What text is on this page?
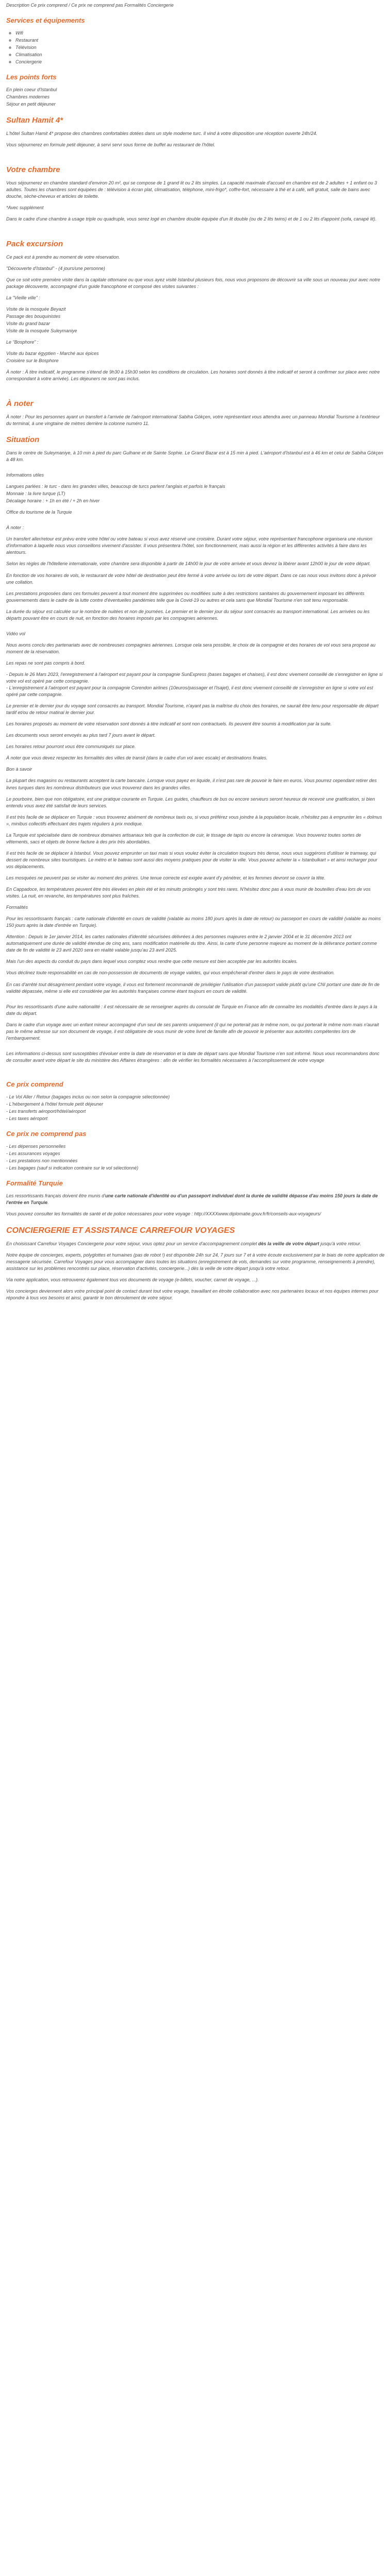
Description Ce prix comprend / Ce prix ne comprend pas Formalités Conciergerie

Services et équipements
◦ Wifi
◦ Restaurant
◦ Télévision
◦ Climatisation
◦ Conciergerie
Les points forts

En plein coeur d'Istanbul

Chambres modernes

Séjour en petit déjeuner

Sultan Hamit 4*

L'hôtel Sultan Hamit 4* propose des chambres confortables dotées dans un style moderne turc. Il vind à votre disposition une réception ouverte 24h/24.

Vous séjournerez en formule petit déjeuner, à servi servi sous forme de buffet au restaurant de l'hôtel.

Votre chambre

Vous séjournerez en chambre standard d'environ 20 m², qui se compose de 1 grand lit ou 2 lits simples. La capacité maximale d'accueil en chambre est de 2 adultes + 1 enfant ou 3 adultes. Toutes les chambres sont équipées de : télévision à écran plat, climatisation, téléphone, mini-frigo*, coffre-fort, nécessaire à thé et à café, wifi gratuit, salle de bains avec douche, sèche-cheveux et articles de toilette.

*Avec supplément

Dans le cadre d'une chambre à usage triple ou quadruple, vous serez logé en chambre double équipée d'un lit double (ou de 2 lits twins) et de 1 ou 2 lits d'appoint (sofa, canapé lit).

Pack excursion

Ce pack est à prendre au moment de votre réservation.

"Découverte d'Istanbul" - (4 jours/une personne)

Que ce soit votre première visite dans la capitale ottomane ou que vous ayez visité Istanbul plusieurs fois, nous vous proposons de découvrir sa ville sous un nouveau jour avec notre package découverte, accompagné d'un guide francophone et composé des visites suivantes :

La "Vieille ville" :

Visite de la mosquée Beyazit

Passage des bouquinistes

Visite du grand bazar

Visite de la mosquée Suleymaniye

Le "Bosphore" :

Visite du bazar égyptien - Marché aux épices

Croisière sur le Bosphore

À noter : À titre indicatif, le programme s'étend de 9h30 à 15h30 selon les conditions de circulation. Les horaires sont donnés à titre indicatif et seront à confirmer sur place avec notre correspondant à votre arrivée). Les déjeuners ne sont pas inclus.

À noter

À noter : Pour les personnes ayant un transfert à l'arrivée de l'aéroport international Sabiha Gökçen, votre représentant vous attendra avec un panneau Mondial Tourisme à l'extérieur du terminal, à une vingtaine de mètres derrière la colonne numéro 11.

Situation

Dans le centre de Suleymaniye, à 10 min à pied du parc Gulhane et de Sainte Sophie. Le Grand Bazar est à 15 min à pied. L'aéroport d'Istanbul est à 46 km et celui de Sabiha Gökçen à 48 km.

Informations utiles

Langues parlées : le turc - dans les grandes villes, beaucoup de turcs parlent l'anglais et parfois le français

Monnaie : la livre turque (LT)

Décalage horaire : + 1h en été / + 2h en hiver

Office du tourisme de la Turquie

À noter :

Un transfert aller/retour est prévu entre votre hôtel ou votre bateau si vous avez réservé une croisière. Durant votre séjour, votre représentant francophone organisera une réunion d'information à laquelle nous vous conseillons vivement d'assister. Il vous présentera l'hôtel, son fonctionnement, mais aussi la région et les différentes activités à faire dans les alentours.

Selon les règles de l'hôtellerie internationale, votre chambre sera disponible à partir de 14h00 le jour de votre arrivée et vous devrez la libérer avant 12h00 le jour de votre départ.

En fonction de vos horaires de vols, le restaurant de votre hôtel de destination peut être fermé à votre arrivée ou lors de votre départ. Dans ce cas nous vous invitons donc à prévoir une collation.

Les prestations proposées dans ces formules peuvent à tout moment être supprimées ou modifiées suite à des restrictions sanitaires du gouvernement imposant les différents gouvernements dans le cadre de la lutte contre d'éventuelles pandémies telle que la Covid-19 ou autres et cela sans que Mondial Tourisme n'en soit tenu responsable.

La durée du séjour est calculée sur le nombre de nuitées et non de journées. Le premier et le dernier jour du séjour sont consacrés au transport international. Les arrivées ou les départs pouvant être en cours de nuit, en fonction des horaires imposés par les compagnies aériennes.

Vidéo vol

Nous avons conclu des partenariats avec de nombreuses compagnies aériennes. Lorsque cela sera possible, le choix de la compagnie et des horaires de vol vous sera proposé au moment de la réservation.

Les repas ne sont pas compris à bord.

- Depuis le 26 Mars 2023, l'enregistrement à l'aéroport est payant pour la compagnie SunExpress (bases bagages et chaises), il est donc vivement conseillé de s'enregistrer en ligne si votre vol est opéré par cette compagnie.
- L'enregistrement à l'aéroport est payant pour la compagnie Corendon airlines (10euros/passager et l'Isajet), il est donc vivement conseillé de s'enregistrer en ligne si votre vol est opéré par cette compagnie.

Le premier et le dernier jour du voyage sont consacrés au transport. Mondial Tourisme, n'ayant pas la maîtrise du choix des horaires, ne saurait être tenu pour responsable de départ tardif et/ou de retour matinal le dernier jour.

Les horaires proposés au moment de votre réservation sont donnés à titre indicatif et sont non contractuels. Ils peuvent être soumis à modification par la suite.

Les documents vous seront envoyés au plus tard 7 jours avant le départ.

Les horaires retour pourront vous être communiqués sur place.

À noter que vous devez respecter les formalités des villes de transit (dans le cadre d'un vol avec escale) et destinations finales.

Bon à savoir

La plupart des magasins ou restaurants acceptent la carte bancaire. Lorsque vous payez en liquide, il n'est pas rare de pouvoir le faire en euros. Vous pourrez cependant retirer des livres turques dans les nombreux distributeurs que vous trouverez dans les grandes villes.

Le pourboire, bien que non obligatoire, est une pratique courante en Turquie. Les guides, chauffeurs de bus ou encore serveurs seront heureux de recevoir une gratification, si bien entendu vous avez été satisfait de leurs services.

Il est très facile de se déplacer en Turquie : vous trouverez aisément de nombreux taxis ou, si vous préférez vous joindre à la population locale, n'hésitez pas à emprunter les « dolmus », minibus collectifs effectuant des trajets réguliers à prix modique.

La Turquie est spécialisée dans de nombreux domaines artisanaux tels que la confection de cuir, le tissage de tapis ou encore la céramique. Vous trouverez toutes sortes de vêtements, sacs et objets de bonne facture à des prix très abordables.

Il est très facile de se déplacer à Istanbul. Vous pouvez emprunter un taxi mais si vous voulez éviter la circulation toujours très dense, nous vous suggérons d'utiliser le tramway, qui dessert de nombreux sites touristiques. Le métro et le bateau sont aussi des moyens pratiques pour de visiter la ville. Vous pouvez acheter la « Istanbulkart » et ainsi recharger pour vos déplacements.

Les mosquées ne peuvent pas se visiter au moment des prières. Une tenue correcte est exigée avant d'y pénétrer, et les femmes devront se couvrir la tête.

En Cappadoce, les températures peuvent être très élevées en plein été et les minuits prolongés y sont très rares. N'hésitez donc pas à vous munir de bouteilles d'eau lors de vos visites. La nuit, en revanche, les températures sont plus fraîches.

Formalités

Pour les ressortissants français : carte nationale d'identité en cours de validité (valable au moins 180 jours après la date de retour) ou passeport en cours de validité (valable au moins 150 jours après la date d'entrée en Turquie).

Attention : Depuis le 1er janvier 2014, les cartes nationales d'identité sécurisées délivrées à des personnes majeures entre le 2 janvier 2004 et le 31 décembre 2013 ont automatiquement une durée de validité étendue de cinq ans, sans modification matérielle du titre. Ainsi, la carte d'une personne majeure au moment de la délivrance portant comme date de fin de validité le 23 avril 2020 sera en réalité valable jusqu'au 23 avril 2025.

Mais l'un des aspects du conduit du pays dans lequel vous comptez vous rendre que cette mesure est bien acceptée par les autorités locales.

Vous déclinez toute responsabilité en cas de non-possession de documents de voyage valides, qui vous empêcherait d'entrer dans le pays de votre destination.

En cas d'arrêté tout désagrément pendant votre voyage, il vous est fortement recommandé de privilégier l'utilisation d'un passeport valide plutôt qu'une CNI portant une date de fin de validité dépassée, même si elle est considérée par les autorités françaises comme étant toujours en cours de validité.

Pour les ressortissants d'une autre nationalité : il est nécessaire de se renseigner auprès du consulat de Turquie en France afin de connaître les modalités d'entrée dans le pays à la date du départ.

Dans le cadre d'un voyage avec un enfant mineur accompagné d'un seul de ses parents uniquement (il qui ne porterait pas le même nom, ou qui porterait le même nom mais n'aurait pas le même adresse sur son document de voyage, il est obligatoire de vous munir de votre livret de famille afin de pouvoir le présenter aux autorités compétentes lors de l'embarquement.

Les informations ci-dessus sont susceptibles d'évoluer entre la date de réservation et la date de départ sans que Mondial Tourisme n'en soit informé. Nous vous recommandons donc de consulter avant votre départ le site du ministère des Affaires étrangères : afin de vérifier les formalités nécessaires à l'accomplissement de votre voyage

Ce prix comprend

- Le Vol Aller / Retour (bagages inclus ou non selon la compagnie sélectionnée)

- L'hébergement à l'hôtel formule petit déjeuner

- Les transferts aéroport/hôtel/aéroport

- Les taxes aéroport

Ce prix ne comprend pas

- Les dépenses personnelles

- Les assurances voyages

- Les prestations non mentionnées

- Les bagages (sauf si indication contraire sur le vol sélectionné)

Formalité Turquie

Les ressortissants français doivent être munis d'une carte nationale d'identité ou d'un passeport individuel dont la durée de validité dépasse d'au moins 150 jours la date de l'entrée en Turquie.

Vous pouvez consulter les formalités de santé et de police nécessaires pour votre voyage : http://XXXXwww.diplomatie.gouv.fr/fr/conseils-aux-voyageurs/

CONCIERGERIE ET ASSISTANCE CARREFOUR VOYAGES

En choisissant Carrefour Voyages Conciergerie pour votre séjour, vous optez pour un service d'accompagnement complet dès la veille de votre départ jusqu'à votre retour.

Notre équipe de concierges, experts, polyglottes et humaines (pas de robot !) est disponible 24h sur 24, 7 jours sur 7 et à votre écoute exclusivement par le biais de notre application de messagerie sécurisée. Carrefour Voyages pour vous accompagner dans toutes les situations (enregistrement de vols, demandes sur votre programme, renseignements à prendre), assistance sur les problèmes rencontrés sur place, réservation d'activités, conciergerie...) dès la veille de votre départ jusqu'à votre retour.

Via notre application, vous retrouverez également tous vos documents de voyage (e-billets, voucher, carnet de voyage, ...).

Vos concierges deviennent alors votre principal point de contact durant tout votre voyage, travaillant en étroite collaboration avec nos partenaires locaux et nos équipes internes pour répondre à tous vos besoins et ainsi, garantir le bon déroulement de votre séjour.
